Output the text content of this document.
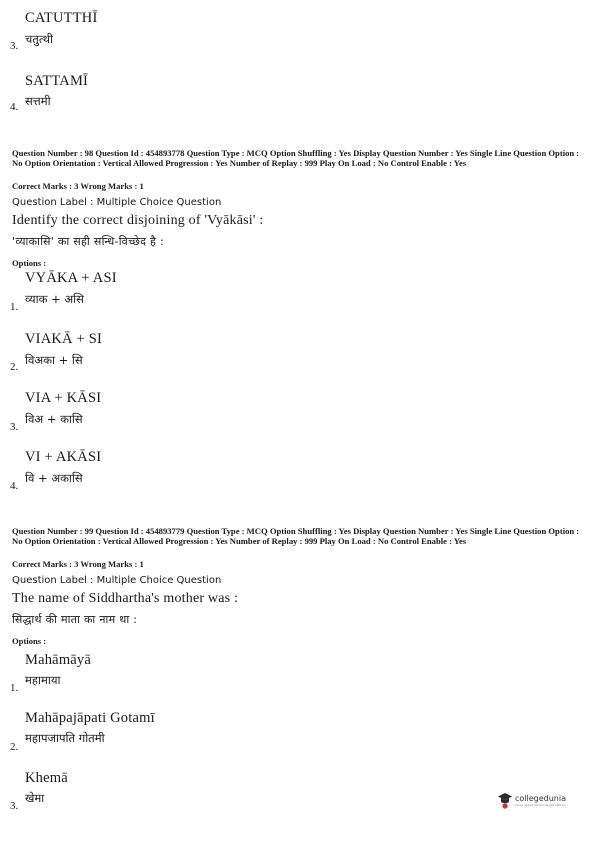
CATUTTHĪ
3. चतुत्थी
SATTAMĪ
4. सत्तमी
Question Number : 98 Question Id : 454893778 Question Type : MCQ Option Shuffling : Yes Display Question Number : Yes Single Line Question Option : No Option Orientation : Vertical Allowed Progression : Yes Number of Replay : 999 Play On Load : No Control Enable : Yes
Correct Marks : 3 Wrong Marks : 1
Question Label : Multiple Choice Question
Identify the correct disjoining of 'Vyākāsi' :
'व्याकासि' का सही सन्धि-विच्छेद है :
Options :
VYĀKA + ASI
1.
व्याक + असि
VIAKĀ + SI
2. विअका + सि
VIA + KĀSI
3.
विअ + कासि
VI + AKĀSI
4.
वि + अकासि
Question Number : 99 Question Id : 454893779 Question Type : MCQ Option Shuffling : Yes Display Question Number : Yes Single Line Question Option : No Option Orientation : Vertical Allowed Progression : Yes Number of Replay : 999 Play On Load : No Control Enable : Yes
Correct Marks : 3 Wrong Marks : 1
Question Label : Multiple Choice Question
The name of Siddhartha's mother was :
सिद्धार्थ की माता का नाम था :
Options :
Mahāmāyā
1.
महामाया
Mahāpajāpati Gotamī
2.
महापजापति गोतमी
Khemā
3.
खेमा	collegedunia
India's largest Student Review Platform
